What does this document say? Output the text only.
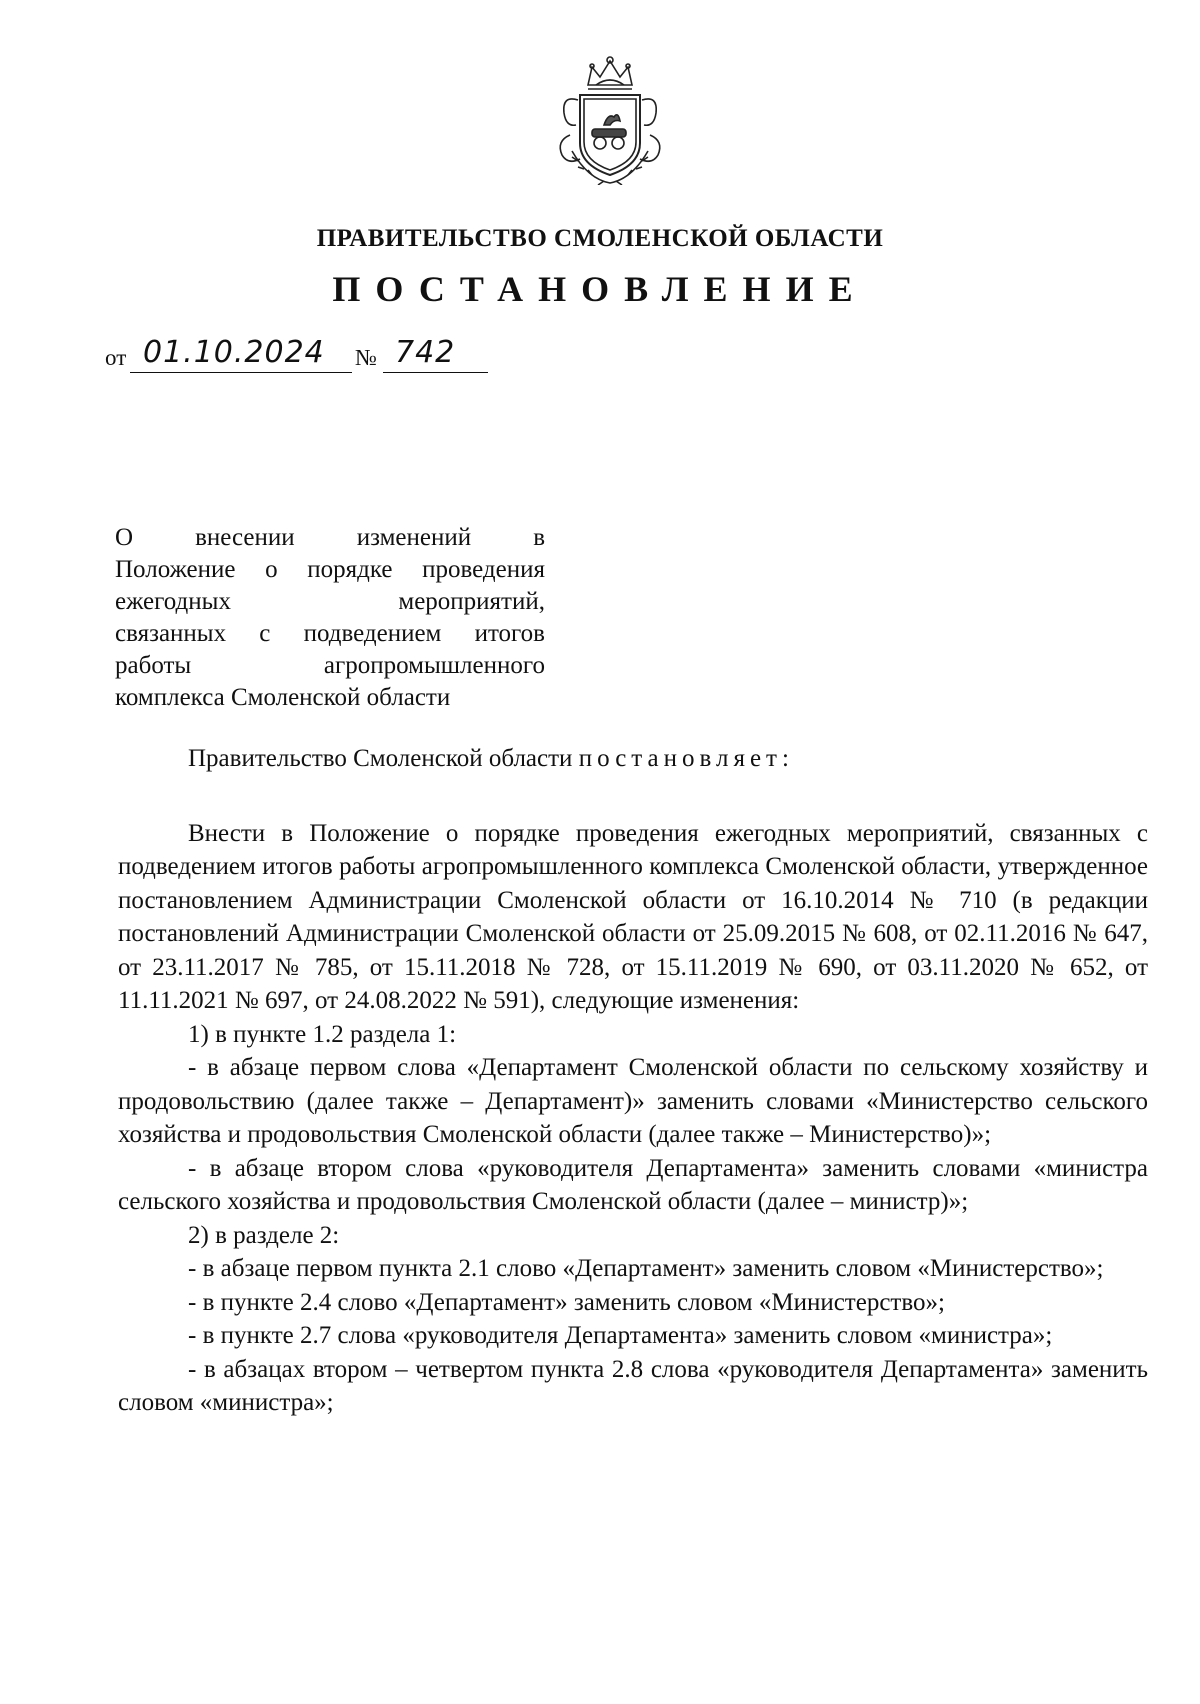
ПРАВИТЕЛЬСТВО СМОЛЕНСКОЙ ОБЛАСТИ
ПОСТАНОВЛЕНИЕ
от 01.10.2024 № 742
О внесении изменений в
Положение о порядке проведения
ежегодных мероприятий,
связанных с подведением итогов
работы агропромышленного
комплекса Смоленской области

Правительство Смоленской области постановляет:

Внести в Положение о порядке проведения ежегодных мероприятий, связанных с подведением итогов работы агропромышленного комплекса Смоленской области, утвержденное постановлением Администрации Смоленской области от 16.10.2014 № 710 (в редакции постановлений Администрации Смоленской области от 25.09.2015 № 608, от 02.11.2016 № 647, от 23.11.2017 № 785, от 15.11.2018 № 728, от 15.11.2019 № 690, от 03.11.2020 № 652, от 11.11.2021 № 697, от 24.08.2022 № 591), следующие изменения:

1) в пункте 1.2 раздела 1:

- в абзаце первом слова «Департамент Смоленской области по сельскому хозяйству и продовольствию (далее также – Департамент)» заменить словами «Министерство сельского хозяйства и продовольствия Смоленской области (далее также – Министерство)»;

- в абзаце втором слова «руководителя Департамента» заменить словами «министра сельского хозяйства и продовольствия Смоленской области (далее – министр)»;

2) в разделе 2:

- в абзаце первом пункта 2.1 слово «Департамент» заменить словом «Министерство»;

- в пункте 2.4 слово «Департамент» заменить словом «Министерство»;

- в пункте 2.7 слова «руководителя Департамента» заменить словом «министра»;

- в абзацах втором – четвертом пункта 2.8 слова «руководителя Департамента» заменить словом «министра»;
